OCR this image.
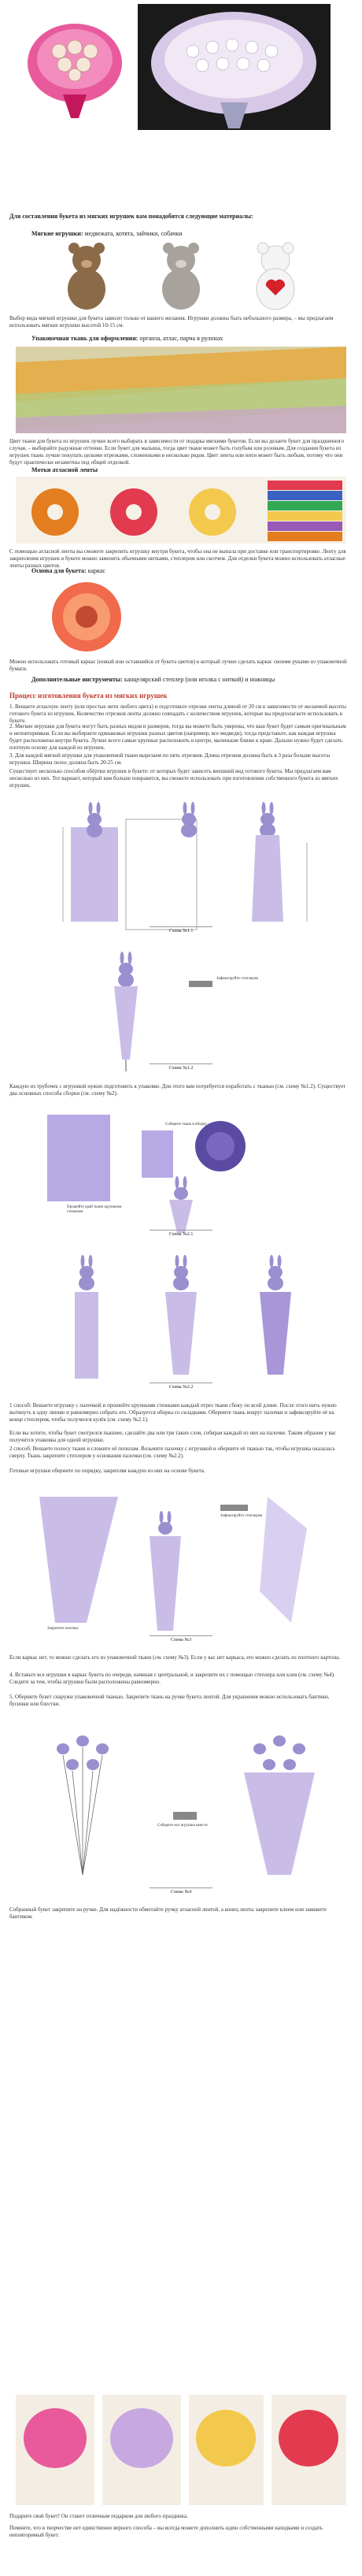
Для составления букета из мягких игрушек вам понадобятся следующие материалы:
Мягкие игрушки: медвежата, котята, зайчики, собачки
Выбор вида мягкой игрушки для букета зависит только от вашего желания. Игрушки должны быть небольшого размера, – мы предлагаем использовать мягкие игрушки высотой 10-15 см.
Упаковочная ткань для оформления: органза, атлас, парча в рулонах
Цвет ткани для букета из игрушек лучше всего выбирать в зависимости от подарка мягкими букетов. Если вы делаете букет для праздничного случая, – выбирайте радужные оттенки. Если букет для малыша, тогда цвет ткани может быть голубым или розовым. Для создания букета из игрушек ткань лучше покупать целыми отрезками, сложенными в несколько рядов. Цвет ленты или нити может быть любым, потому что они будут практически незаметны под общей отделкой.
Мотки атласной ленты
С помощью атласной ленты вы сможете закрепить игрушку внутри букета, чтобы она не выпала при доставке или транспортировке. Ленту для закрепления игрушек в букете можно заменить обычными нитками, степлером или скотчем. Для отделки букета можно использовать атласные ленты разных цветов.
Основа для букета: каркас
Можно использовать готовый каркас (новый или оставшийся от букета цветов) в который лучше сделать каркас своими руками из упаковочной бумаги.
Дополнительные инструменты: канцелярский степлер (или иголка с ниткой) и ножницы
Процесс изготовления букета из мягких игрушек
1. Вешаете атласную ленту (или простые нити любого цвета) и подготовьте отрезки ленты длиной от 20 см в зависимости от желаемой высоты готового букета из игрушек. Количество отрезков ленты должно совпадать с количеством игрушек, которые вы предполагаете использовать в букете.
2. Мягкие игрушки для букета могут быть разных видов и размеров, тогда вы можете быть уверены, что ваш букет будет самым оригинальным и неповторимым. Если вы выбираете одинаковые игрушки разных цветов (например, все медведи), тогда представьте, как каждая игрушка будет расположена внутри букета. Лучше всего самые крупные расположить в центре, маленькие ближе к краю. Дальше нужно будет сделать плотную основу для каждой из игрушек.
3. Для каждой мягкой игрушки для упаковочной ткани вырезаем по пять отрезков. Длина отрезков должна быть в 3 раза больше высоты игрушки. Ширина полос должна быть 20-25 см.
Существует несколько способов обёртки игрушек в букете: от которых будет зависеть внешний вид готового букета. Мы предлагаем вам несколько из них. Тот вариант, который вам больше понравится, вы сможете использовать при изготовлении собственного букета из мягких игрушек.
Схема №1.1
Зафиксируйте степлером
Схема №1.2
Каждую из трубочек с игрушкой нужно подготовить к упаковке. Для этого вам потребуется поработать с тканью (см. схему №1.2). Существует два основных способа сборки (см. схему №2).
Прошейте край ткани крупными стежками
Соберите ткань в оборку
Схема №2.1
Схема №2.2
1 способ: Вешаете игрушку с палочкой и прошейте крупными стежками каждый отрез ткани сбоку по всей длине. После этого нить нужно вытянуть в одну линию и равномерно собрать его. Образуется оборка со складками. Оберните ткань вокруг палочки и зафиксируйте её на конце степлером, чтобы получился кулёк (см. схему №2.1).
Если вы хотите, чтобы букет смотрелся пышнее, сделайте два или три таких слоя, собирая каждый из них на палочке. Таким образом у вас получится упаковка для одной игрушки.
2 способ: Вешаете полосу ткани и сложите её пополам. Возьмите палочку с игрушкой и оберните её тканью так, чтобы игрушка оказалась сверху. Ткань закрепите степлером у основания палочки (см. схему №2.2).
Готовые игрушки оберните по порядку, закрепляя каждую из них на основе букета.
Закрепите палочку
Зафиксируйте степлером
Схема №3
Если каркас нет, то можно сделать его из упаковочной ткани (см. схему №3). Если у вас нет каркаса, его можно сделать из плотного картона.
4. Вставьте все игрушки в каркас букета по очереди, начиная с центральной, и закрепите их с помощью степлера или клея (см. схему №4). Следите за тем, чтобы игрушки были расположены равномерно.
5. Оберните букет снаружи упаковочной тканью. Закрепите ткань на ручке букета лентой. Для украшения можно использовать бантики, бусинки или блестки.
Соберите все игрушки вместе
Схема №4
Собранный букет закрепите на ручке. Для надёжности обмотайте ручку атласной лентой, а конец ленты закрепите клеем или завяжите бантиком.
Подарите свой букет! Он станет отличным подарком для любого праздника.
Помните, что в творчестве нет единственно верного способа – вы всегда можете дополнить идею собственными находками и создать неповторимый букет.
